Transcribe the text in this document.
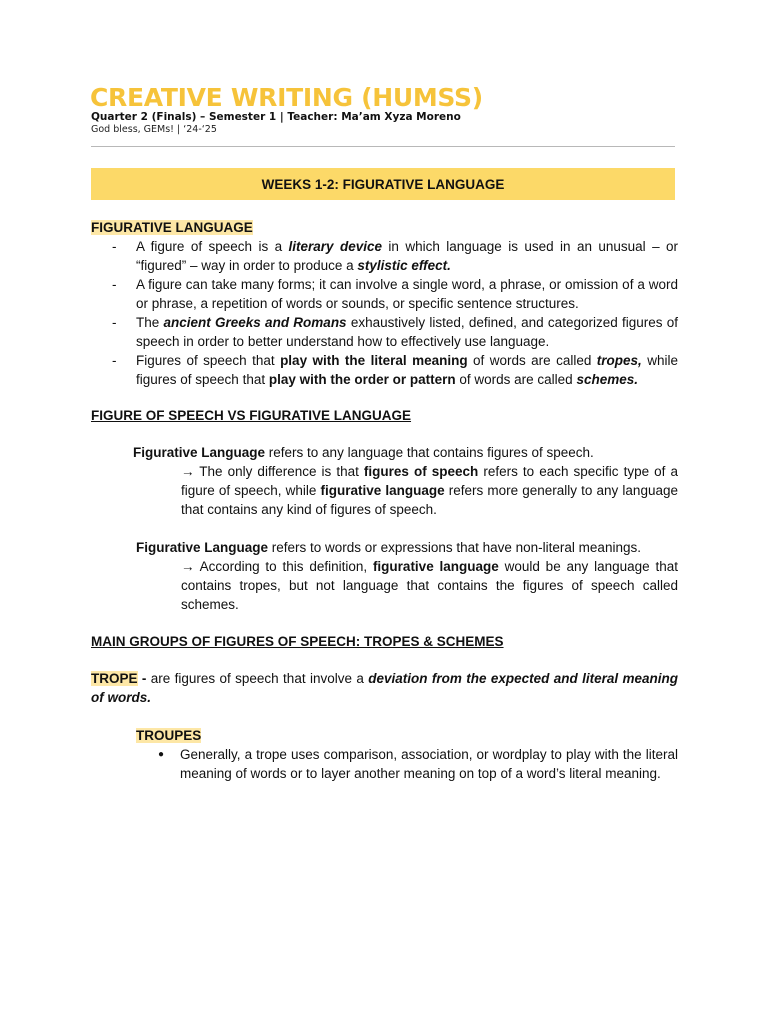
CREATIVE WRITING (HUMSS)
Quarter 2 (Finals) – Semester 1 | Teacher: Ma’am Xyza Moreno
God bless, GEMs! | ‘24-‘25
WEEKS 1-2: FIGURATIVE LANGUAGE
FIGURATIVE LANGUAGE
- A figure of speech is a literary device in which language is used in an unusual – or “figured” – way in order to produce a stylistic effect.
- A figure can take many forms; it can involve a single word, a phrase, or omission of a word or phrase, a repetition of words or sounds, or specific sentence structures.
- The ancient Greeks and Romans exhaustively listed, defined, and categorized figures of speech in order to better understand how to effectively use language.
- Figures of speech that play with the literal meaning of words are called tropes, while figures of speech that play with the order or pattern of words are called schemes.
FIGURE OF SPEECH VS FIGURATIVE LANGUAGE
Figurative Language refers to any language that contains figures of speech.
→ The only difference is that figures of speech refers to each specific type of a figure of speech, while figurative language refers more generally to any language that contains any kind of figures of speech.
Figurative Language refers to words or expressions that have non-literal meanings.
→ According to this definition, figurative language would be any language that contains tropes, but not language that contains the figures of speech called schemes.
MAIN GROUPS OF FIGURES OF SPEECH: TROPES & SCHEMES
TROPE - are figures of speech that involve a deviation from the expected and literal meaning of words.
TROUPES
● Generally, a trope uses comparison, association, or wordplay to play with the literal meaning of words or to layer another meaning on top of a word’s literal meaning.
